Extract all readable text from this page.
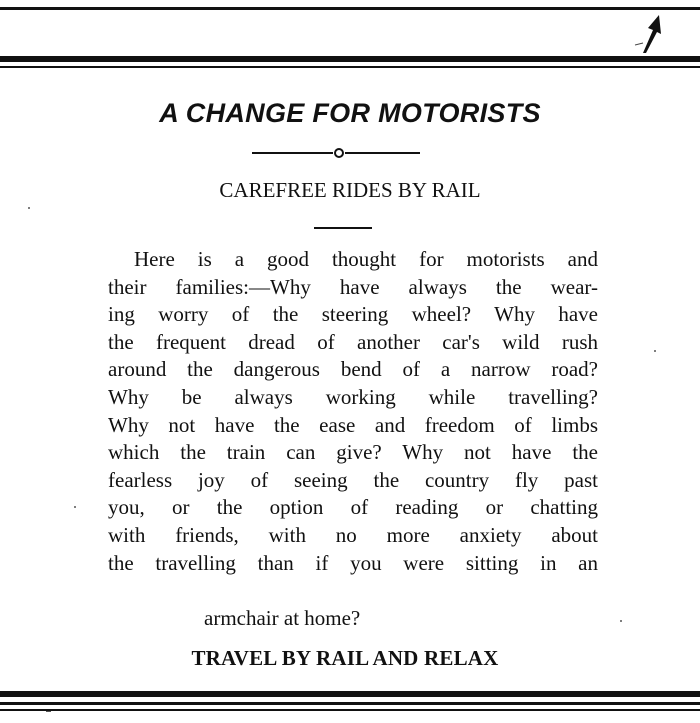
A CHANGE FOR MOTORISTS
CAREFREE RIDES BY RAIL
Here is a good thought for motorists and
their families:—Why have always the wear-
ing worry of the steering wheel? Why have
the frequent dread of another car's wild rush
around the dangerous bend of a narrow road?
Why be always working while travelling?
Why not have the ease and freedom of limbs
which the train can give? Why not have the
fearless joy of seeing the country fly past
you, or the option of reading or chatting
with friends, with no more anxiety about
the travelling than if you were sitting in an
armchair at home?
TRAVEL BY RAIL AND RELAX
